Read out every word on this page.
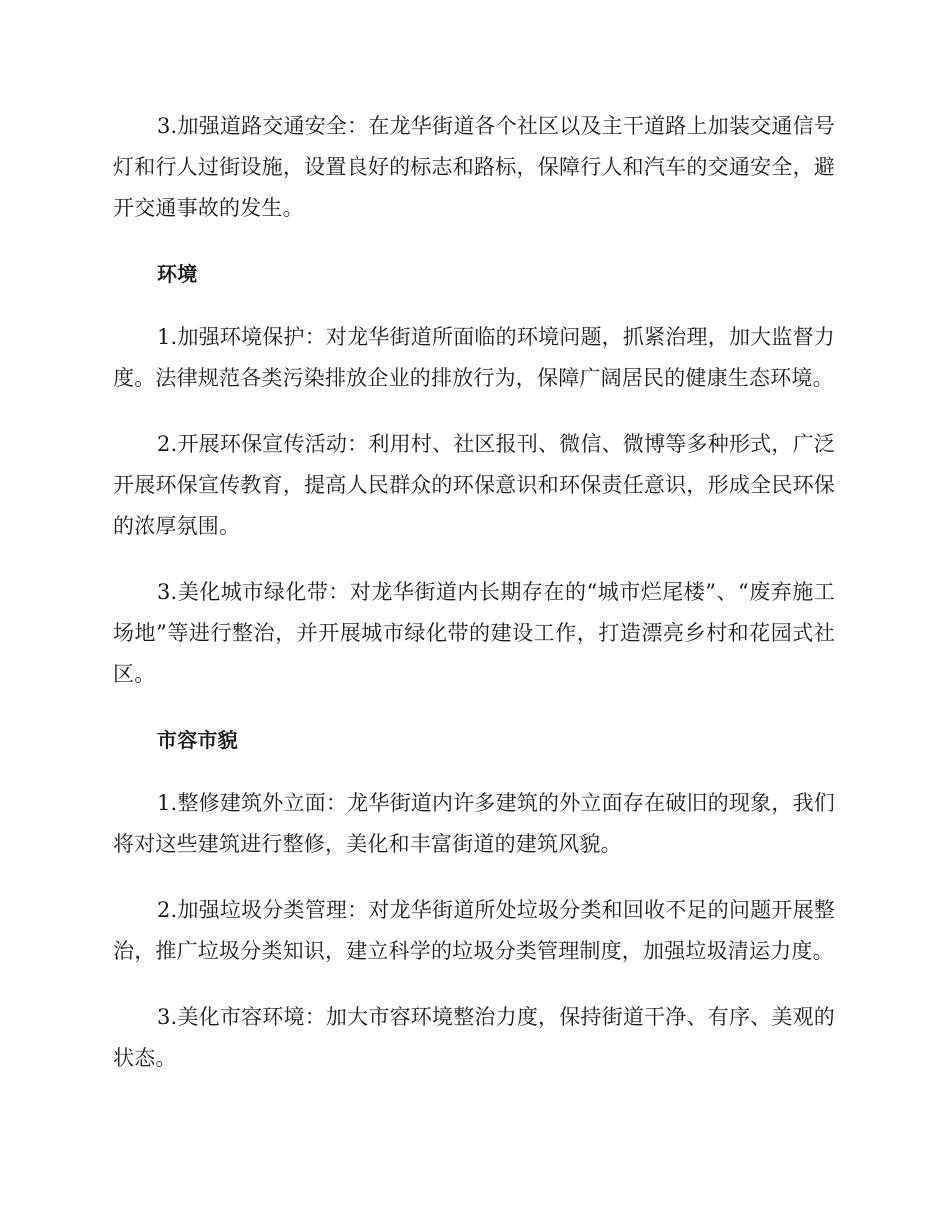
3.加强道路交通安全：在龙华街道各个社区以及主干道路上加装交通信号灯和行人过街设施，设置良好的标志和路标，保障行人和汽车的交通安全，避开交通事故的发生。

环境

1.加强环境保护：对龙华街道所面临的环境问题，抓紧治理，加大监督力度。法律规范各类污染排放企业的排放行为，保障广阔居民的健康生态环境。

2.开展环保宣传活动：利用村、社区报刊、微信、微博等多种形式，广泛开展环保宣传教育，提高人民群众的环保意识和环保责任意识，形成全民环保的浓厚氛围。

3.美化城市绿化带：对龙华街道内长期存在的“城市烂尾楼”、“废弃施工场地”等进行整治，并开展城市绿化带的建设工作，打造漂亮乡村和花园式社区。

市容市貌

1.整修建筑外立面：龙华街道内许多建筑的外立面存在破旧的现象，我们将对这些建筑进行整修，美化和丰富街道的建筑风貌。

2.加强垃圾分类管理：对龙华街道所处垃圾分类和回收不足的问题开展整治，推广垃圾分类知识，建立科学的垃圾分类管理制度，加强垃圾清运力度。

3.美化市容环境：加大市容环境整治力度，保持街道干净、有序、美观的状态。
